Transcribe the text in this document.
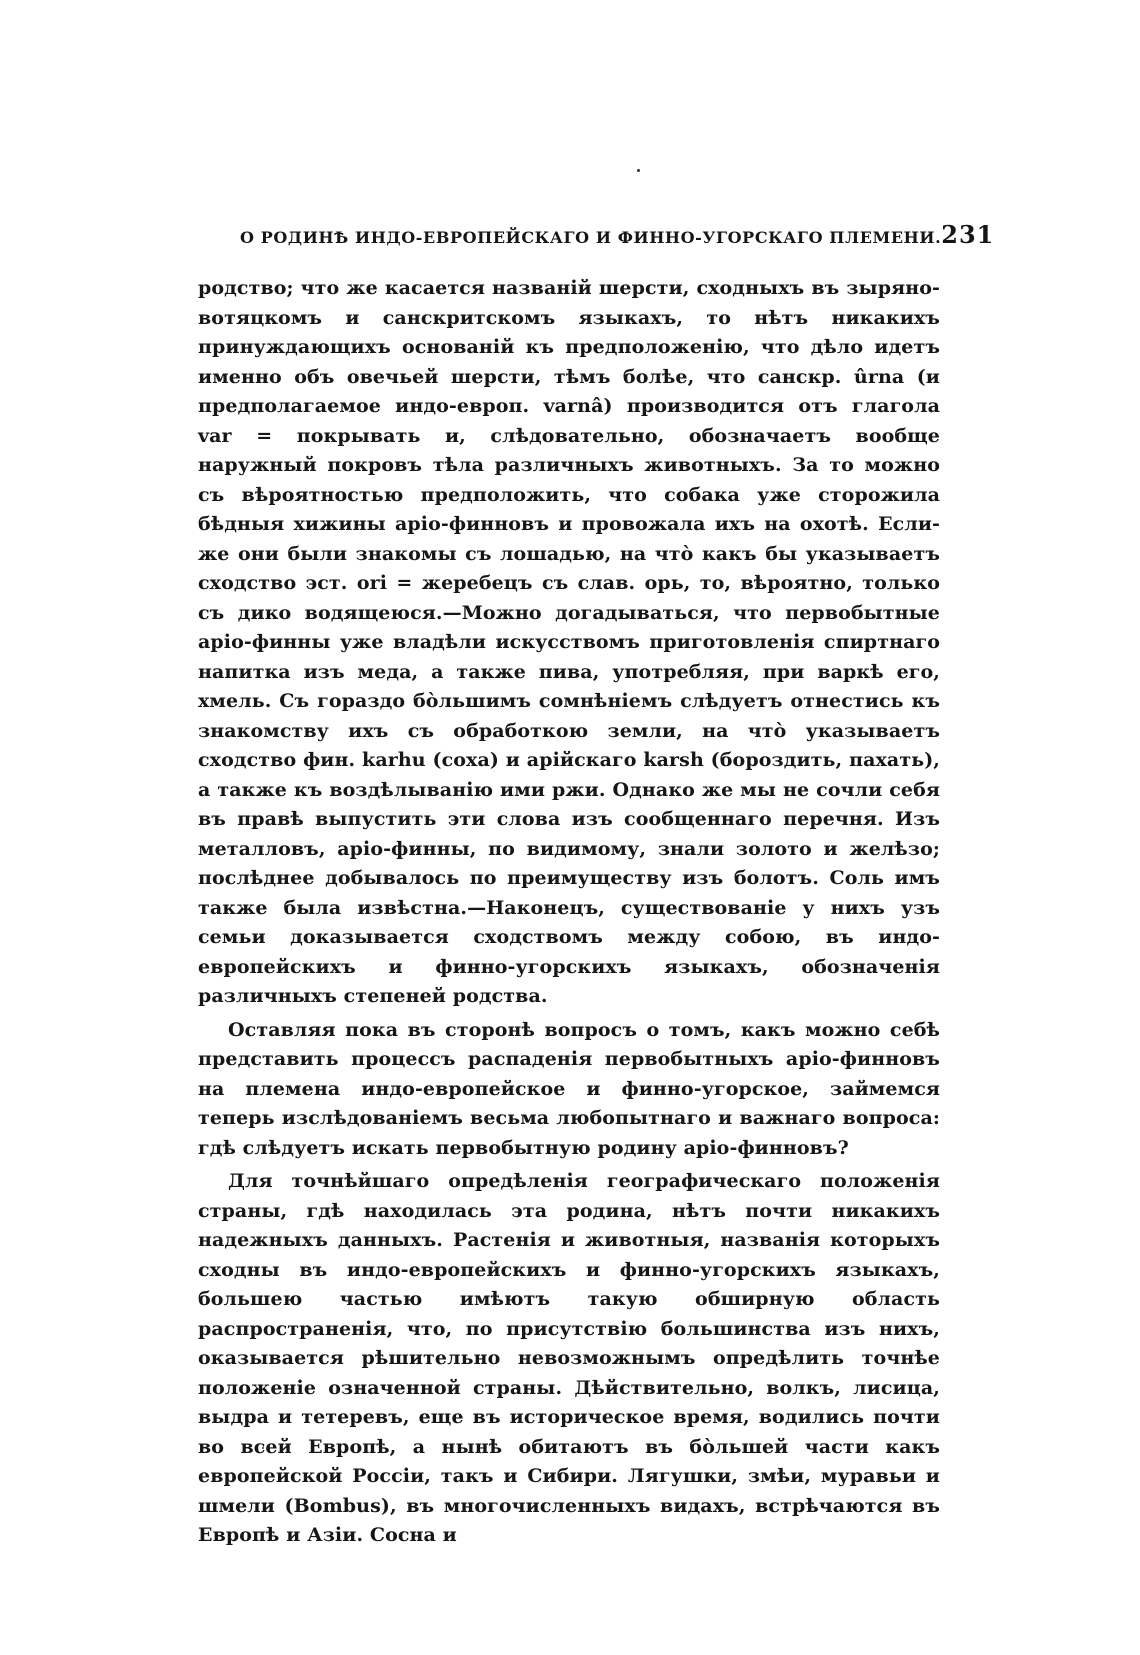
О РОДИНѢ ИНДО-ЕВРОПЕЙСКАГО И ФИННО-УГОРСКАГО ПЛЕМЕНИ. 231

родство; что же касается названій шерсти, сходныхъ въ зыряно-вотяцкомъ и санскритскомъ языкахъ, то нѣтъ никакихъ принуждающихъ основаній къ предположенію, что дѣло идетъ именно объ овечьей шерсти, тѣмъ болѣе, что санскр. ûrna (и предполагаемое индо-европ. varnâ) производится отъ глагола var = покрывать и, слѣдовательно, обозначаетъ вообще наружный покровъ тѣла различныхъ животныхъ. За то можно съ вѣроятностью предположить, что собака уже сторожила бѣдныя хижины аріо-финновъ и провожала ихъ на охотѣ. Если-же они были знакомы съ лошадью, на что̀ какъ бы указываетъ сходство эст. ori = жеребецъ съ слав. орь, то, вѣроятно, только съ дико водящеюся.—Можно догадываться, что первобытные аріо-финны уже владѣли искусствомъ приготовленія спиртнаго напитка изъ меда, а также пива, употребляя, при варкѣ его, хмель. Съ гораздо бо̀льшимъ сомнѣніемъ слѣдуетъ отнестись къ знакомству ихъ съ обработкою земли, на что̀ указываетъ сходство фин. karhu (соха) и арійскаго karsh (бороздить, пахать), а также къ воздѣлыванію ими ржи. Однако же мы не сочли себя въ правѣ выпустить эти слова изъ сообщеннаго перечня. Изъ металловъ, аріо-финны, по видимому, знали золото и желѣзо; послѣднее добывалось по преимуществу изъ болотъ. Соль имъ также была извѣстна.—Наконецъ, существованіе у нихъ узъ семьи доказывается сходствомъ между собою, въ индо-европейскихъ и финно-угорскихъ языкахъ, обозначенія различныхъ степеней родства.

Оставляя пока въ сторонѣ вопросъ о томъ, какъ можно себѣ представить процессъ распаденія первобытныхъ аріо-финновъ на племена индо-европейское и финно-угорское, займемся теперь изслѣдованіемъ весьма любопытнаго и важнаго вопроса: гдѣ слѣдуетъ искать первобытную родину аріо-финновъ?

Для точнѣйшаго опредѣленія географическаго положенія страны, гдѣ находилась эта родина, нѣтъ почти никакихъ надежныхъ данныхъ. Растенія и животныя, названія которыхъ сходны въ индо-европейскихъ и финно-угорскихъ языкахъ, большею частью имѣютъ такую обширную область распространенія, что, по присутствію большинства изъ нихъ, оказывается рѣшительно невозможнымъ опредѣлить точнѣе положеніе означенной страны. Дѣйствительно, волкъ, лисица, выдра и тетеревъ, еще въ историческое время, водились почти во всей Европѣ, а нынѣ обитаютъ въ бо̀льшей части какъ европейской Россіи, такъ и Сибири. Лягушки, змѣи, муравьи и шмели (Bombus), въ многочисленныхъ видахъ, встрѣчаются въ Европѣ и Азіи. Сосна и
